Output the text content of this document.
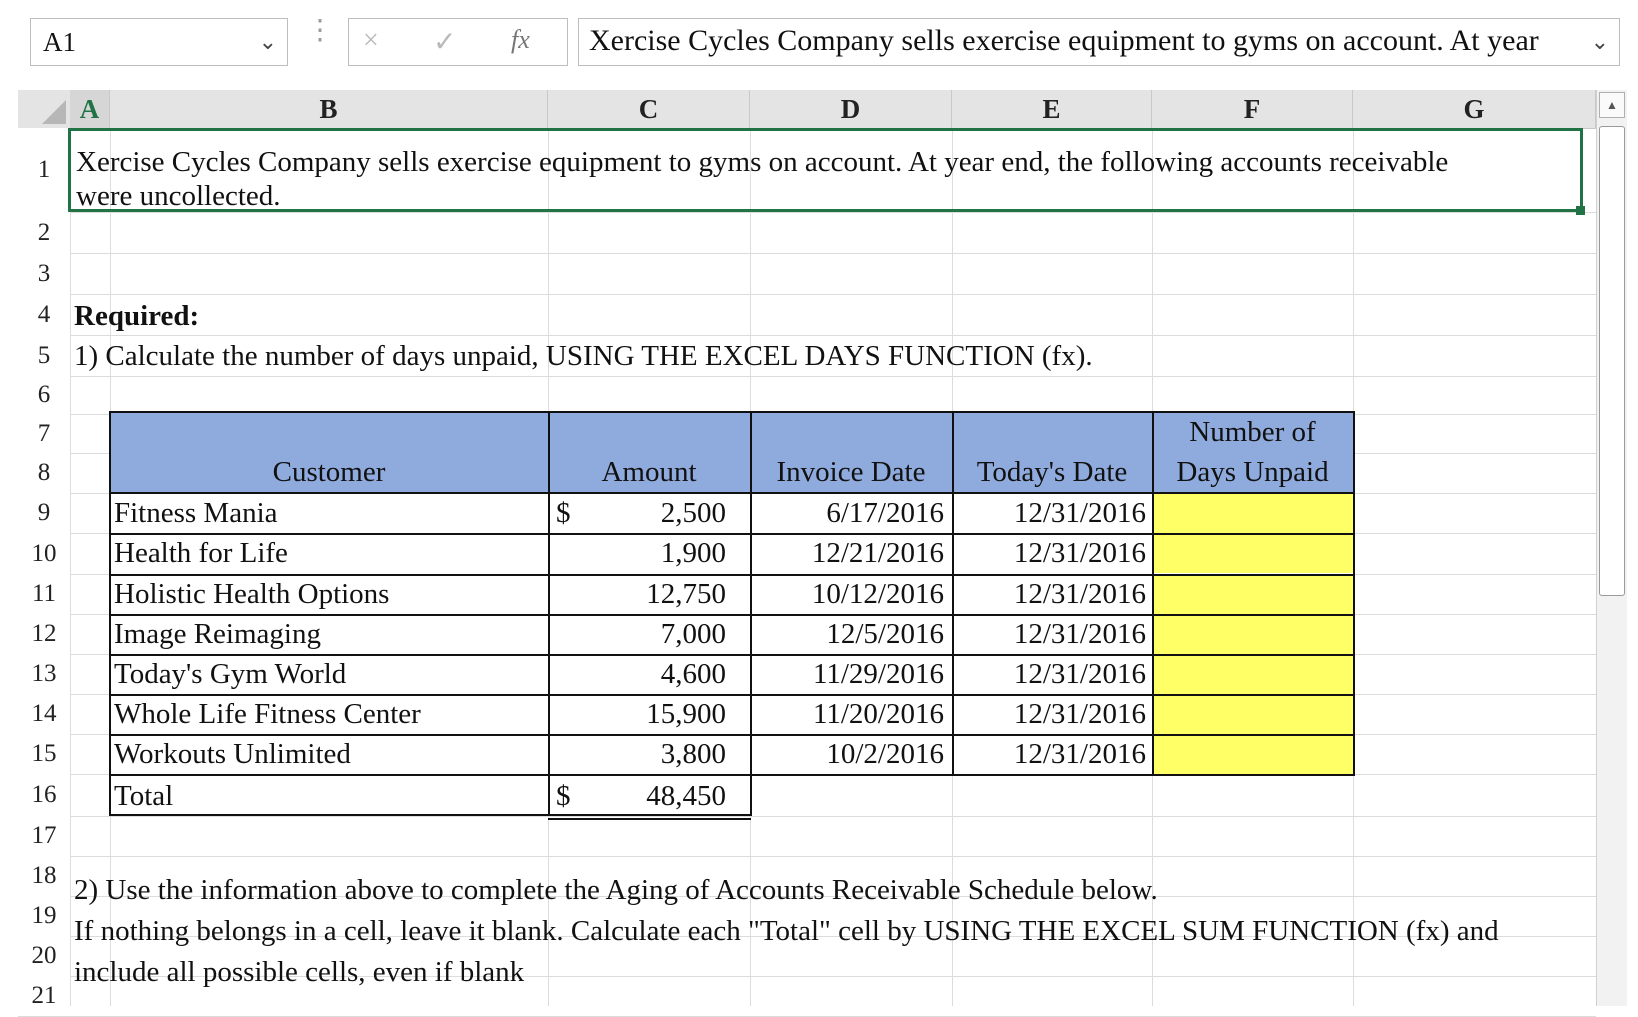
A1	⌄ ⋮ × ✓ fx Xercise Cycles Company sells exercise equipment to gyms on account. At year ⌄
A	B	C	D	E	F	G
1
2
3
4
5
6
7
8
9
10
11
12
13
14
15
16
17
18
19
20
21
Xercise Cycles Company sells exercise equipment to gyms on account. At year end, the following accounts receivable
were uncollected.
Required:
1) Calculate the number of days unpaid, USING THE EXCEL DAYS FUNCTION (fx).
2) Use the information above to complete the Aging of Accounts Receivable Schedule below.
If nothing belongs in a cell, leave it blank. Calculate each "Total" cell by USING THE EXCEL SUM FUNCTION (fx) and
include all possible cells, even if blank
Customer	Amount	Invoice Date	Today's Date
Number of
Days Unpaid
Fitness Mania	$	2,500	6/17/2016	12/31/2016
Health for Life	1,900	12/21/2016	12/31/2016
Holistic Health Options	12,750	10/12/2016	12/31/2016
Image Reimaging	7,000	12/5/2016	12/31/2016
Today's Gym World	4,600	11/29/2016	12/31/2016
Whole Life Fitness Center	15,900	11/20/2016	12/31/2016
Workouts Unlimited	3,800	10/2/2016	12/31/2016
Total	$	48,450
▲
